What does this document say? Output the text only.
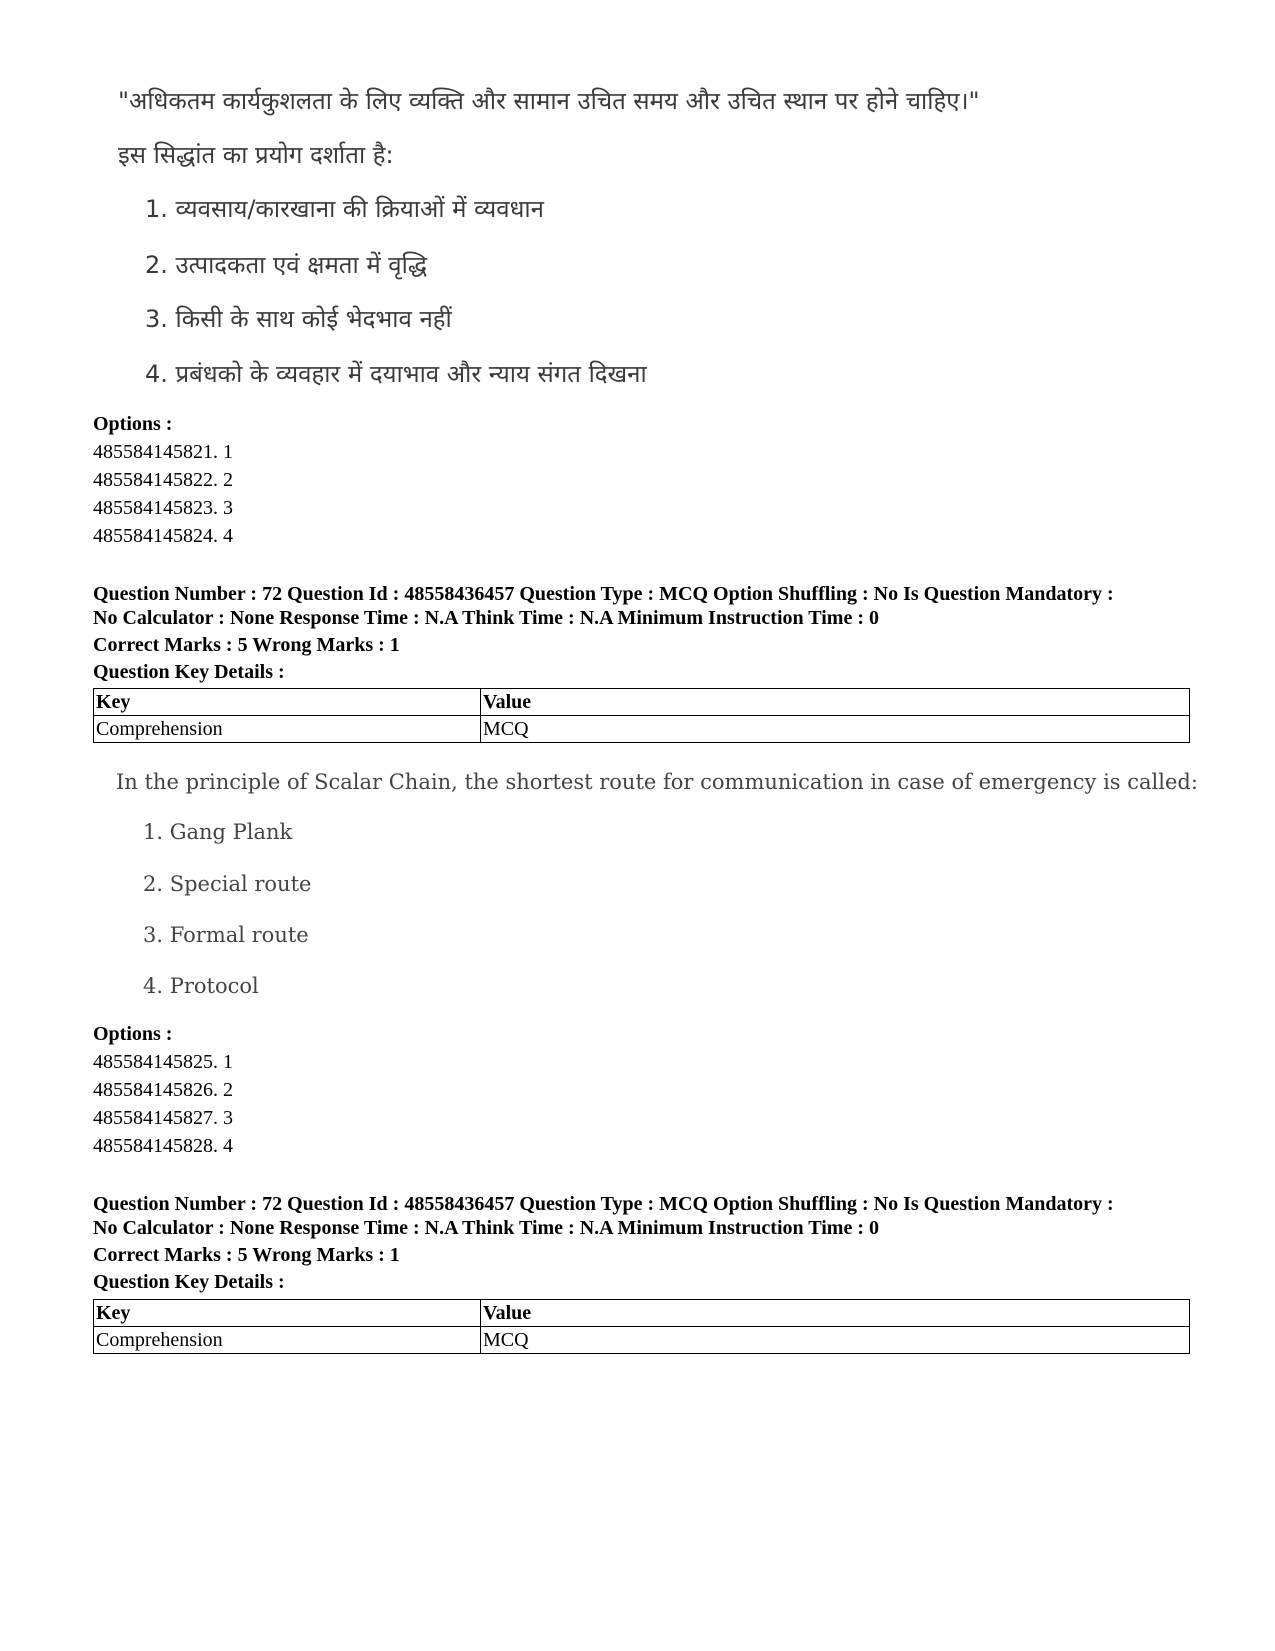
"अधिकतम कार्यकुशलता के लिए व्यक्ति और सामान उचित समय और उचित स्थान पर होने चाहिए।"
इस सिद्धांत का प्रयोग दर्शाता है:
1. व्यवसाय/कारखाना की क्रियाओं में व्यवधान
2. उत्पादकता एवं क्षमता में वृद्धि
3. किसी के साथ कोई भेदभाव नहीं
4. प्रबंधको के व्यवहार में दयाभाव और न्याय संगत दिखना
Options :
485584145821. 1
485584145822. 2
485584145823. 3
485584145824. 4
Question Number : 72 Question Id : 48558436457 Question Type : MCQ Option Shuffling : No Is Question Mandatory :
No Calculator : None Response Time : N.A Think Time : N.A Minimum Instruction Time : 0
Correct Marks : 5 Wrong Marks : 1
Question Key Details :
Key	Value
Comprehension	MCQ
In the principle of Scalar Chain, the shortest route for communication in case of emergency is called:
1. Gang Plank
2. Special route
3. Formal route
4. Protocol
Options :
485584145825. 1
485584145826. 2
485584145827. 3
485584145828. 4
Question Number : 72 Question Id : 48558436457 Question Type : MCQ Option Shuffling : No Is Question Mandatory :
No Calculator : None Response Time : N.A Think Time : N.A Minimum Instruction Time : 0
Correct Marks : 5 Wrong Marks : 1
Question Key Details :
Key	Value
Comprehension	MCQ
